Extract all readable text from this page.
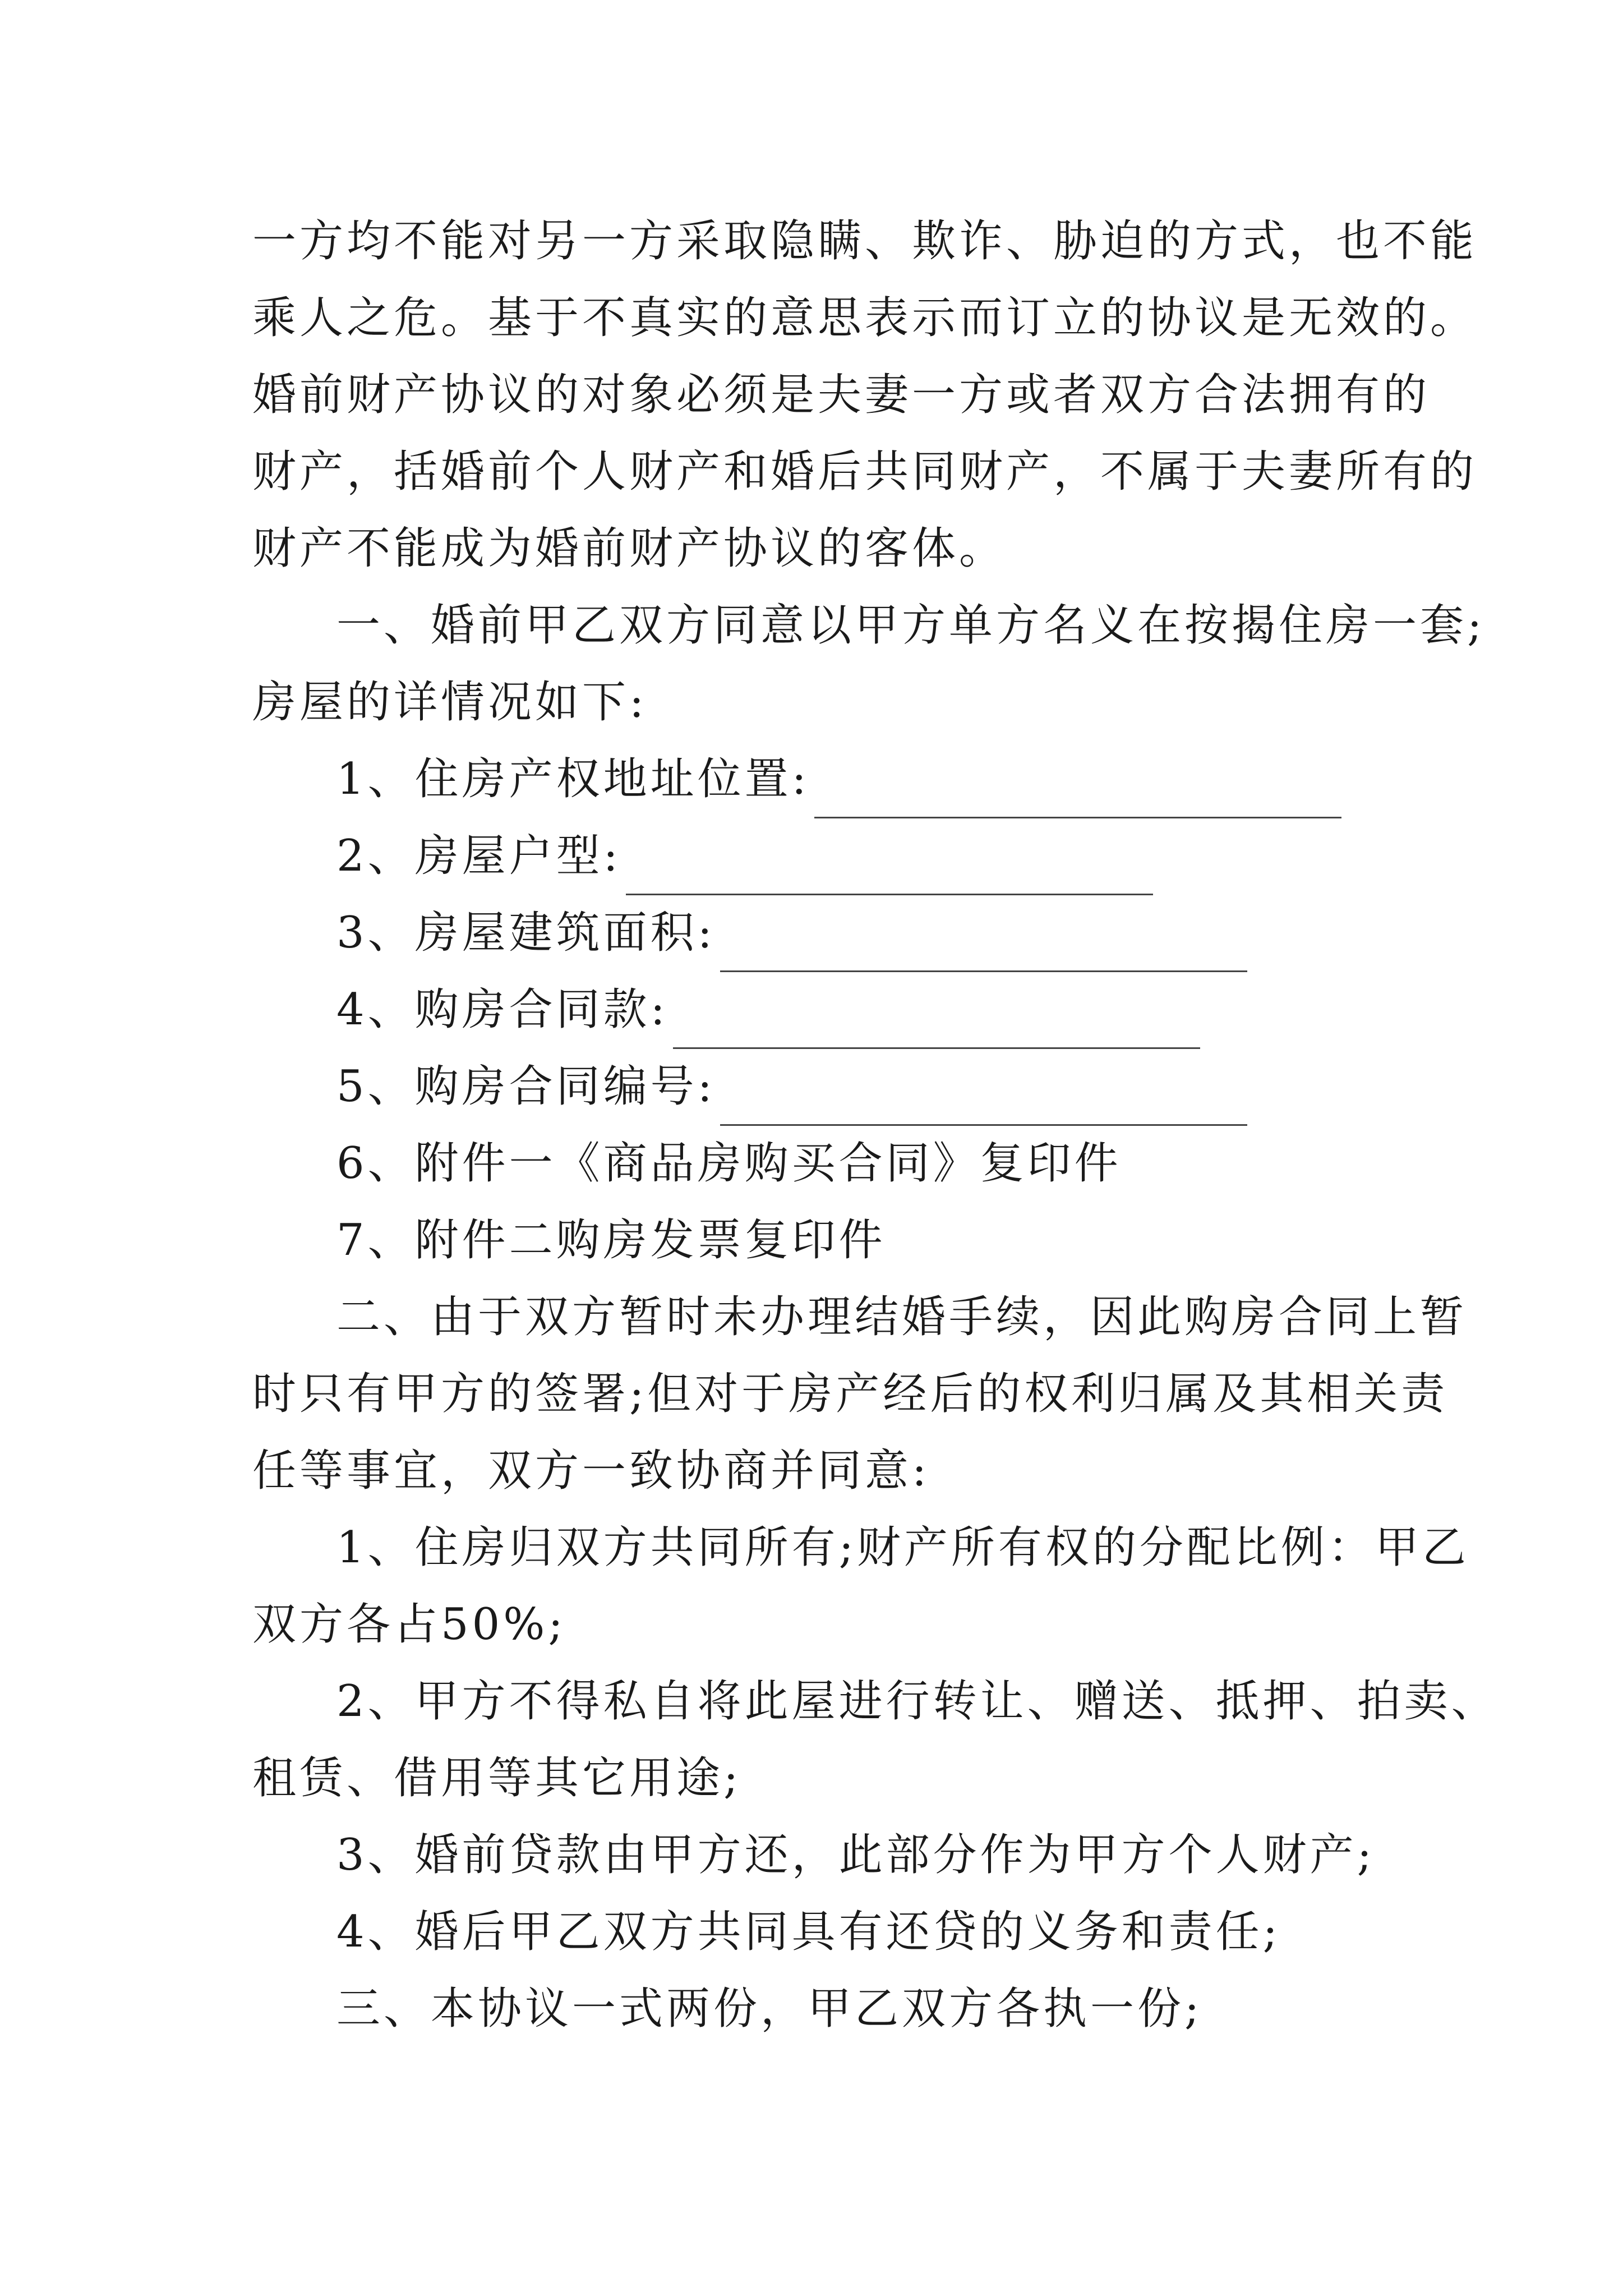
一方均不能对另一方采取隐瞒、欺诈、胁迫的方式，也不能
乘人之危。基于不真实的意思表示而订立的协议是无效的。
婚前财产协议的对象必须是夫妻一方或者双方合法拥有的
财产，括婚前个人财产和婚后共同财产，不属于夫妻所有的
财产不能成为婚前财产协议的客体。
一、婚前甲乙双方同意以甲方单方名义在按揭住房一套;
房屋的详情况如下:
1、住房产权地址位置:
2、房屋户型:
3、房屋建筑面积:
4、购房合同款:
5、购房合同编号:
6、附件一《商品房购买合同》复印件
7、附件二购房发票复印件
二、由于双方暂时未办理结婚手续，因此购房合同上暂
时只有甲方的签署;但对于房产经后的权利归属及其相关责
任等事宜，双方一致协商并同意:
1、住房归双方共同所有;财产所有权的分配比例：甲乙
双方各占50%;
2、甲方不得私自将此屋进行转让、赠送、抵押、拍卖、
租赁、借用等其它用途;
3、婚前贷款由甲方还，此部分作为甲方个人财产;
4、婚后甲乙双方共同具有还贷的义务和责任;
三、本协议一式两份，甲乙双方各执一份;
